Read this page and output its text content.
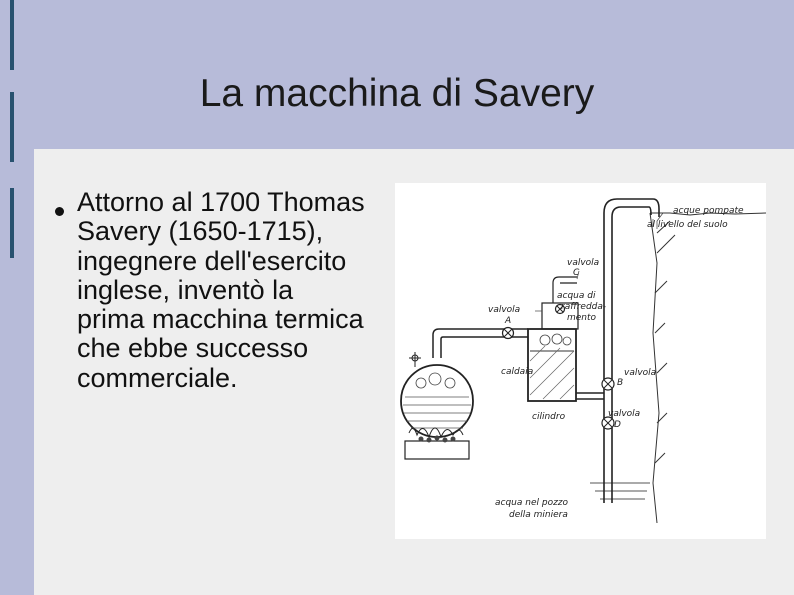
La macchina di Savery

Attorno al 1700 Thomas Savery (1650-1715), ingegnere dell'esercito inglese, inventò la prima macchina termica che ebbe successo commerciale.

acque pompate
al livello del suolo
valvola
C
acqua di
raffredda-
mento
valvola
A
caldaia
cilindro
valvola
B
valvola
D
acqua nel pozzo
della miniera
